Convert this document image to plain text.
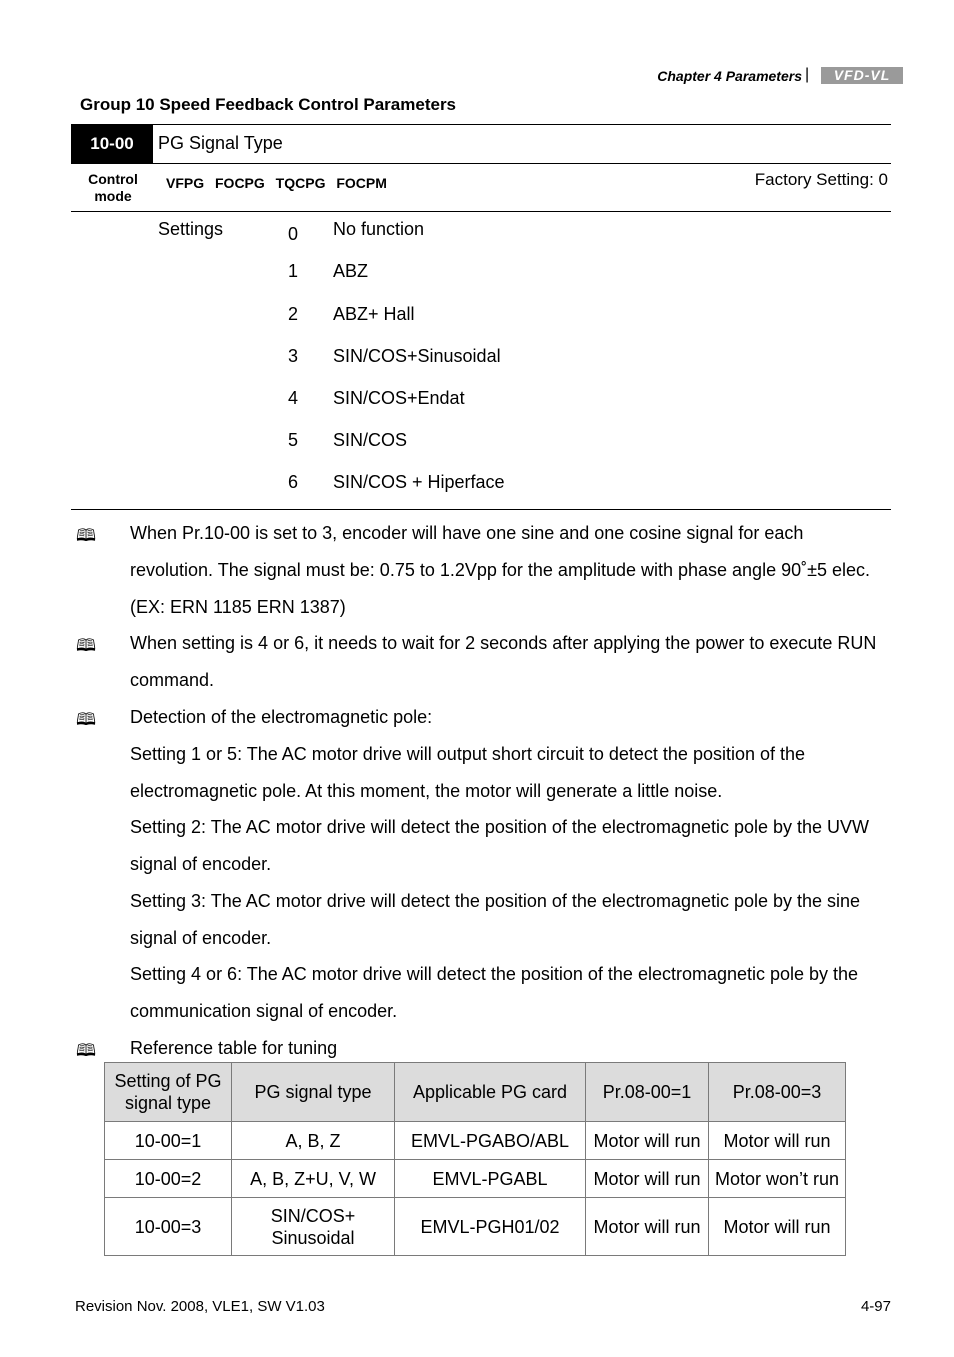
Chapter 4 Parameters |	VFD-VL
Group 10 Speed Feedback Control Parameters
10-00	PG Signal Type
Control mode
VFPG FOCPG TQCPG FOCPM	Factory Setting: 0
Settings	0 No function
1 ABZ
2 ABZ+ Hall
3 SIN/COS+Sinusoidal
4 SIN/COS+Endat
5 SIN/COS
6 SIN/COS + Hiperface
🕮 When Pr.10-00 is set to 3, encoder will have one sine and one cosine signal for each
revolution. The signal must be: 0.75 to 1.2Vpp for the amplitude with phase angle 90˚±5 elec.
(EX: ERN 1185 ERN 1387)
🕮 When setting is 4 or 6, it needs to wait for 2 seconds after applying the power to execute RUN
command.
🕮 Detection of the electromagnetic pole:
Setting 1 or 5: The AC motor drive will output short circuit to detect the position of the
electromagnetic pole. At this moment, the motor will generate a little noise.
Setting 2: The AC motor drive will detect the position of the electromagnetic pole by the UVW
signal of encoder.
Setting 3: The AC motor drive will detect the position of the electromagnetic pole by the sine
signal of encoder.
Setting 4 or 6: The AC motor drive will detect the position of the electromagnetic pole by the
communication signal of encoder.
🕮 Reference table for tuning
Setting of PG signal type	PG signal type	Applicable PG card	Pr.08-00=1	Pr.08-00=3
10-00=1	A, B, Z	EMVL-PGABO/ABL	Motor will run	Motor will run
10-00=2	A, B, Z+U, V, W	EMVL-PGABL	Motor will run	Motor won’t run
10-00=3	SIN/COS+ Sinusoidal	EMVL-PGH01/02	Motor will run	Motor will run
Revision Nov. 2008, VLE1, SW V1.03	4-97
